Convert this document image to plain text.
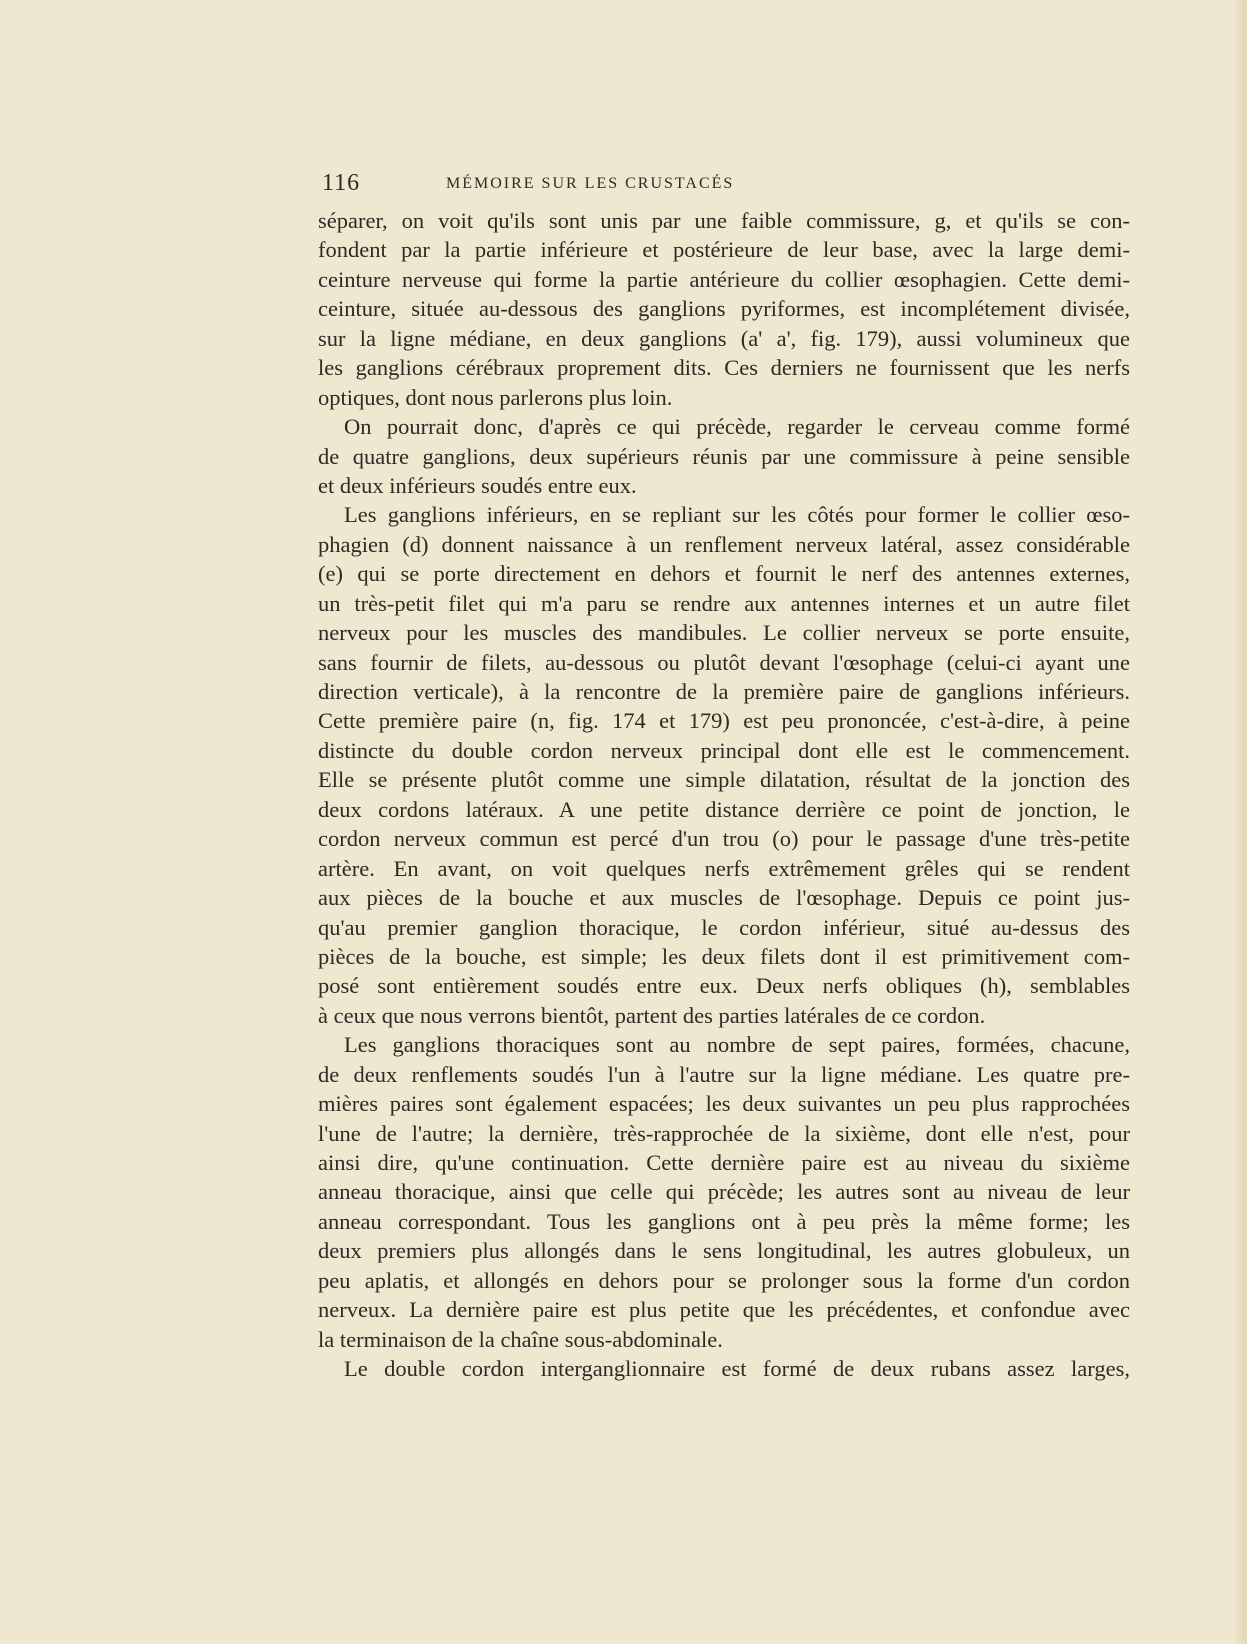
116	MÉMOIRE SUR LES CRUSTACÉS
séparer, on voit qu'ils sont unis par une faible commissure, g, et qu'ils se con-
fondent par la partie inférieure et postérieure de leur base, avec la large demi-
ceinture nerveuse qui forme la partie antérieure du collier œsophagien. Cette demi-
ceinture, située au-dessous des ganglions pyriformes, est incomplétement divisée,
sur la ligne médiane, en deux ganglions (a' a', fig. 179), aussi volumineux que
les ganglions cérébraux proprement dits. Ces derniers ne fournissent que les nerfs
optiques, dont nous parlerons plus loin.
On pourrait donc, d'après ce qui précède, regarder le cerveau comme formé
de quatre ganglions, deux supérieurs réunis par une commissure à peine sensible
et deux inférieurs soudés entre eux.
Les ganglions inférieurs, en se repliant sur les côtés pour former le collier œso-
phagien (d) donnent naissance à un renflement nerveux latéral, assez considérable
(e) qui se porte directement en dehors et fournit le nerf des antennes externes,
un très-petit filet qui m'a paru se rendre aux antennes internes et un autre filet
nerveux pour les muscles des mandibules. Le collier nerveux se porte ensuite,
sans fournir de filets, au-dessous ou plutôt devant l'œsophage (celui-ci ayant une
direction verticale), à la rencontre de la première paire de ganglions inférieurs.
Cette première paire (n, fig. 174 et 179) est peu prononcée, c'est-à-dire, à peine
distincte du double cordon nerveux principal dont elle est le commencement.
Elle se présente plutôt comme une simple dilatation, résultat de la jonction des
deux cordons latéraux. A une petite distance derrière ce point de jonction, le
cordon nerveux commun est percé d'un trou (o) pour le passage d'une très-petite
artère. En avant, on voit quelques nerfs extrêmement grêles qui se rendent
aux pièces de la bouche et aux muscles de l'œsophage. Depuis ce point jus-
qu'au premier ganglion thoracique, le cordon inférieur, situé au-dessus des
pièces de la bouche, est simple; les deux filets dont il est primitivement com-
posé sont entièrement soudés entre eux. Deux nerfs obliques (h), semblables
à ceux que nous verrons bientôt, partent des parties latérales de ce cordon.
Les ganglions thoraciques sont au nombre de sept paires, formées, chacune,
de deux renflements soudés l'un à l'autre sur la ligne médiane. Les quatre pre-
mières paires sont également espacées; les deux suivantes un peu plus rapprochées
l'une de l'autre; la dernière, très-rapprochée de la sixième, dont elle n'est, pour
ainsi dire, qu'une continuation. Cette dernière paire est au niveau du sixième
anneau thoracique, ainsi que celle qui précède; les autres sont au niveau de leur
anneau correspondant. Tous les ganglions ont à peu près la même forme; les
deux premiers plus allongés dans le sens longitudinal, les autres globuleux, un
peu aplatis, et allongés en dehors pour se prolonger sous la forme d'un cordon
nerveux. La dernière paire est plus petite que les précédentes, et confondue avec
la terminaison de la chaîne sous-abdominale.
Le double cordon interganglionnaire est formé de deux rubans assez larges,
